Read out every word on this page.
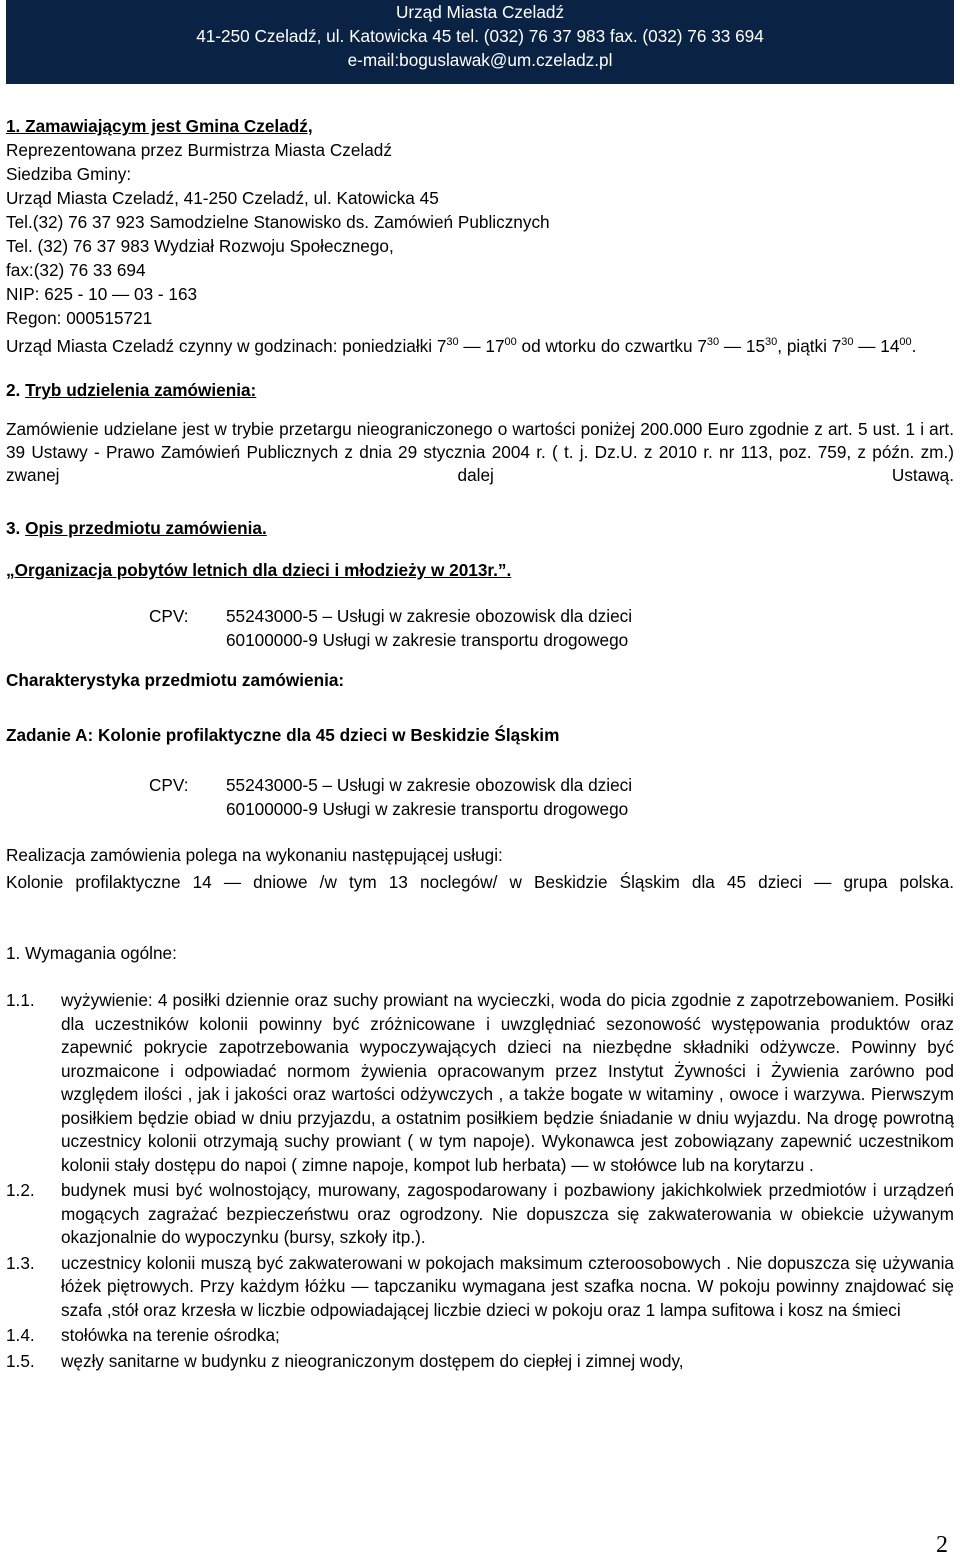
Urząd Miasta Czeladź
41-250 Czeladź, ul. Katowicka 45 tel. (032) 76 37 983 fax. (032) 76 33 694
e-mail:boguslawak@um.czeladz.pl

1. Zamawiającym jest Gmina Czeladź,

Reprezentowana przez Burmistrza Miasta Czeladź

Siedziba Gminy:

Urząd Miasta Czeladź, 41-250 Czeladź, ul. Katowicka 45

Tel.(32) 76 37 923 Samodzielne Stanowisko ds. Zamówień Publicznych

Tel. (32) 76 37 983 Wydział Rozwoju Społecznego,

fax:(32) 76 33 694

NIP: 625 - 10 — 03 - 163

Regon: 000515721

Urząd Miasta Czeladź czynny w godzinach: poniedziałki $7^{30}$ — $17^{00}$ od wtorku do czwartku $7^{30}$ — $15^{30}$, piątki $7^{30}$ — $14^{00}$.

2. Tryb udzielenia zamówienia:

Zamówienie udzielane jest w trybie przetargu nieograniczonego o wartości poniżej 200.000 Euro zgodnie z art. 5 ust. 1 i art. 39 Ustawy - Prawo Zamówień Publicznych z dnia 29 stycznia 2004 r. ( t. j. Dz.U. z 2010 r. nr 113, poz. 759, z późn. zm.) zwanej dalej Ustawą.

3. Opis przedmiotu zamówienia.

„Organizacja pobytów letnich dla dzieci i młodzieży w 2013r.”.

CPV: 55243000-5 – Usługi w zakresie obozowisk dla dzieci
60100000-9 Usługi w zakresie transportu drogowego

Charakterystyka przedmiotu zamówienia:

Zadanie A: Kolonie profilaktyczne dla 45 dzieci w Beskidzie Śląskim

CPV: 55243000-5 – Usługi w zakresie obozowisk dla dzieci
60100000-9 Usługi w zakresie transportu drogowego

Realizacja zamówienia polega na wykonaniu następującej usługi:

Kolonie profilaktyczne 14 — dniowe /w tym 13 noclegów/ w Beskidzie Śląskim dla 45 dzieci — grupa polska.

1. Wymagania ogólne:

1.1. wyżywienie: 4 posiłki dziennie oraz suchy prowiant na wycieczki, woda do picia zgodnie z zapotrzebowaniem. Posiłki dla uczestników kolonii powinny być zróżnicowane i uwzględniać sezonowość występowania produktów oraz zapewnić pokrycie zapotrzebowania wypoczywających dzieci na niezbędne składniki odżywcze. Powinny być urozmaicone i odpowiadać normom żywienia opracowanym przez Instytut Żywności i Żywienia zarówno pod względem ilości , jak i jakości oraz wartości odżywczych , a także bogate w witaminy , owoce i warzywa. Pierwszym posiłkiem będzie obiad w dniu przyjazdu, a ostatnim posiłkiem będzie śniadanie w dniu wyjazdu. Na drogę powrotną uczestnicy kolonii otrzymają suchy prowiant ( w tym napoje). Wykonawca jest zobowiązany zapewnić uczestnikom kolonii stały dostępu do napoi ( zimne napoje, kompot lub herbata) — w stołówce lub na korytarzu .
1.2. budynek musi być wolnostojący, murowany, zagospodarowany i pozbawiony jakichkolwiek przedmiotów i urządzeń mogących zagrażać bezpieczeństwu oraz ogrodzony. Nie dopuszcza się zakwaterowania w obiekcie używanym okazjonalnie do wypoczynku (bursy, szkoły itp.).
1.3. uczestnicy kolonii muszą być zakwaterowani w pokojach maksimum czteroosobowych . Nie dopuszcza się używania łóżek piętrowych. Przy każdym łóżku — tapczaniku wymagana jest szafka nocna. W pokoju powinny znajdować się szafa ,stół oraz krzesła w liczbie odpowiadającej liczbie dzieci w pokoju oraz 1 lampa sufitowa i kosz na śmieci
1.4. stołówka na terenie ośrodka;
1.5. węzły sanitarne w budynku z nieograniczonym dostępem do ciepłej i zimnej wody,
2
